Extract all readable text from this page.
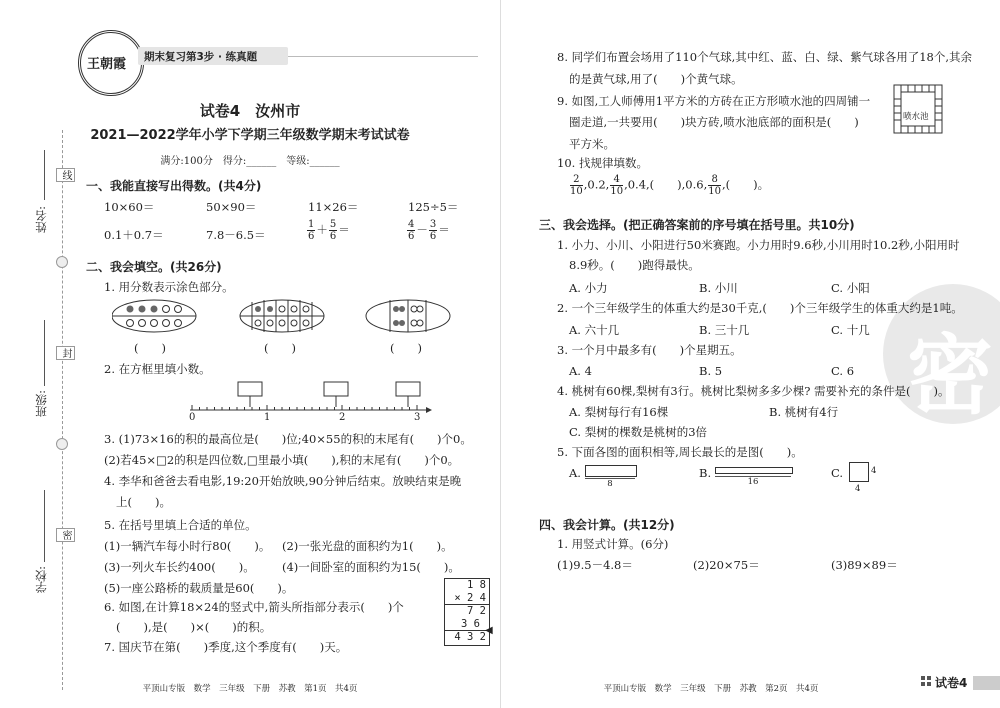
线
封
密
姓名:
班级:
学校:
王朝霞 期末复习第3步 · 练真题
试卷4　汝州市
2021—2022学年小学下学期三年级数学期末考试试卷
满分:100分　得分:______　等级:______
一、我能直接写出得数。(共4分)
10×60＝	50×90＝	11×26＝	125÷5＝
0.1＋0.7＝	7.8－6.5＝	$\frac{1}{6} + \frac{5}{6}$ ＝	$\frac{4}{6} - \frac{3}{6}$ ＝
二、我会填空。(共26分)
1. 用分数表示涂色部分。
(　　)	(　　)	(　　)
2. 在方框里填小数。
0	1	2	3
3. (1)73×16的积的最高位是(　　)位;40×55的积的末尾有(　　)个0。
(2)若45×□2的积是四位数,□里最小填(　　),积的末尾有(　　)个0。
4. 李华和爸爸去看电影,19:20开始放映,90分钟后结束。放映结束是晚
上(　　)。
5. 在括号里填上合适的单位。
(1)一辆汽车每小时行80(　　)。 (2)一张光盘的面积约为1(　　)。
(3)一列火车长约400(　　)。 (4)一间卧室的面积约为15(　　)。
(5)一座公路桥的载质量是60(　　)。
6. 如图,在计算18×24的竖式中,箭头所指部分表示(　　)个
(　　),是(　　)×(　　)的积。
7. 国庆节在第(　　)季度,这个季度有(　　)天。
1 8
× 2 4
7 2
3 6
4 3 2
◀
平顶山专版　数学　三年级　下册　苏教　第1页　共4页
密
8. 同学们布置会场用了110个气球,其中红、蓝、白、绿、紫气球各用了18个,其余
的是黄气球,用了(　　)个黄气球。
9. 如图,工人师傅用1平方米的方砖在正方形喷水池的四周铺一
圈走道,一共要用(　　)块方砖,喷水池底部的面积是(　　)
平方米。
喷水池
10. 找规律填数。
$\frac{2}{10} ,0.2$, $\frac{4}{10} ,0.4$,(　　),0.6, $\frac{8}{10}$ ,(　　)。
三、我会选择。(把正确答案前的序号填在括号里。共10分)
1. 小力、小川、小阳进行50米赛跑。小力用时9.6秒,小川用时10.2秒,小阳用时
8.9秒。(　　)跑得最快。
A. 小力	B. 小川	C. 小阳
2. 一个三年级学生的体重大约是30千克,(　　)个三年级学生的体重大约是1吨。
A. 六十几	B. 三十几	C. 十几
3. 一个月中最多有(　　)个星期五。
A. 4	B. 5	C. 6
4. 桃树有60棵,梨树有3行。桃树比梨树多多少棵? 需要补充的条件是(　　)。
A. 梨树每行有16棵	B. 桃树有4行
C. 梨树的棵数是桃树的3倍
5. 下面各图的面积相等,周长最长的是图(　　)。
A.
8
B.
16
C.	4
4
四、我会计算。(共12分)
1. 用竖式计算。(6分)
(1)9.5－4.8＝	(2)20×75＝	(3)89×89＝
平顶山专版　数学　三年级　下册　苏教　第2页　共4页	试卷4
